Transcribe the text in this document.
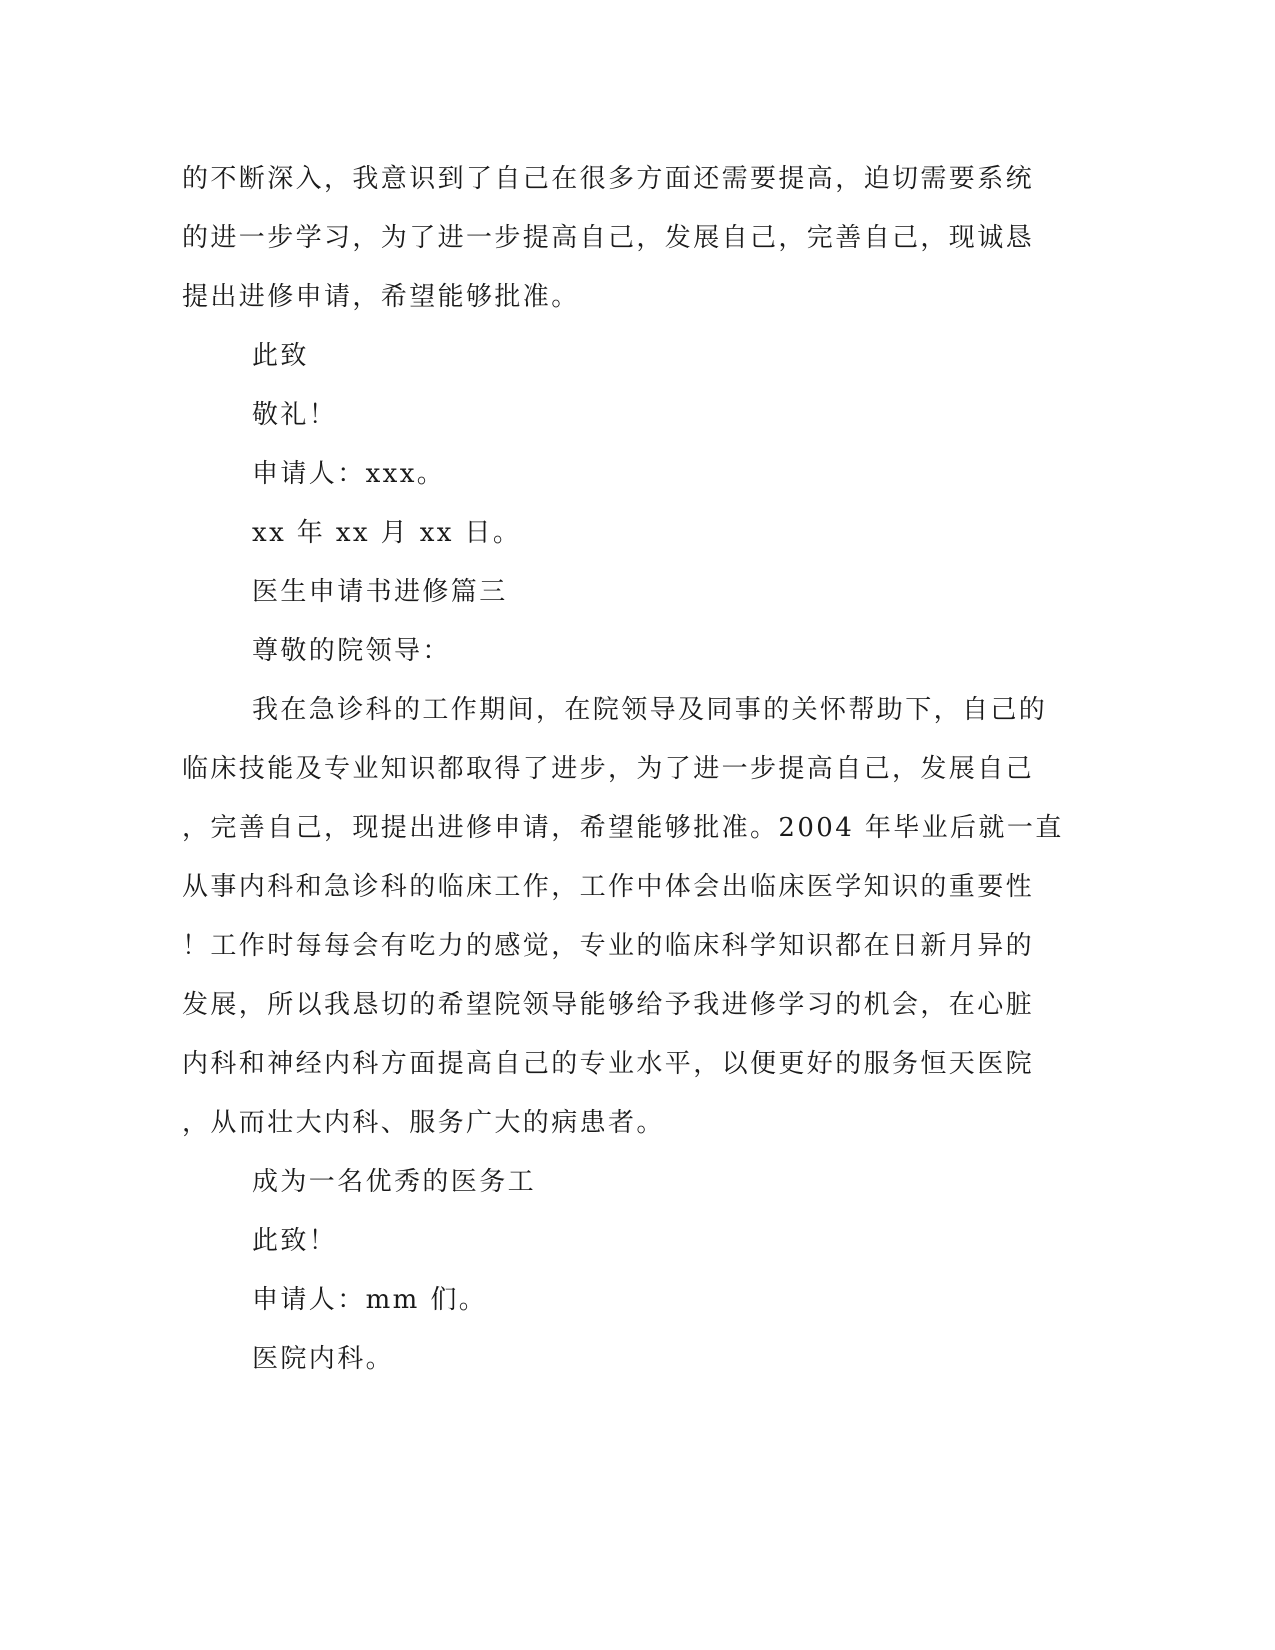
的不断深入，我意识到了自己在很多方面还需要提高，迫切需要系统
的进一步学习，为了进一步提高自己，发展自己，完善自己，现诚恳
提出进修申请，希望能够批准。
此致
敬礼！
申请人：xxx。
xx 年 xx 月 xx 日。
医生申请书进修篇三
尊敬的院领导：
我在急诊科的工作期间，在院领导及同事的关怀帮助下，自己的
临床技能及专业知识都取得了进步，为了进一步提高自己，发展自己
，完善自己，现提出进修申请，希望能够批准。2004 年毕业后就一直
从事内科和急诊科的临床工作，工作中体会出临床医学知识的重要性
！工作时每每会有吃力的感觉，专业的临床科学知识都在日新月异的
发展，所以我恳切的希望院领导能够给予我进修学习的机会，在心脏
内科和神经内科方面提高自己的专业水平，以便更好的服务恒天医院
，从而壮大内科、服务广大的病患者。
成为一名优秀的医务工
此致！
申请人：mm 们。
医院内科。
